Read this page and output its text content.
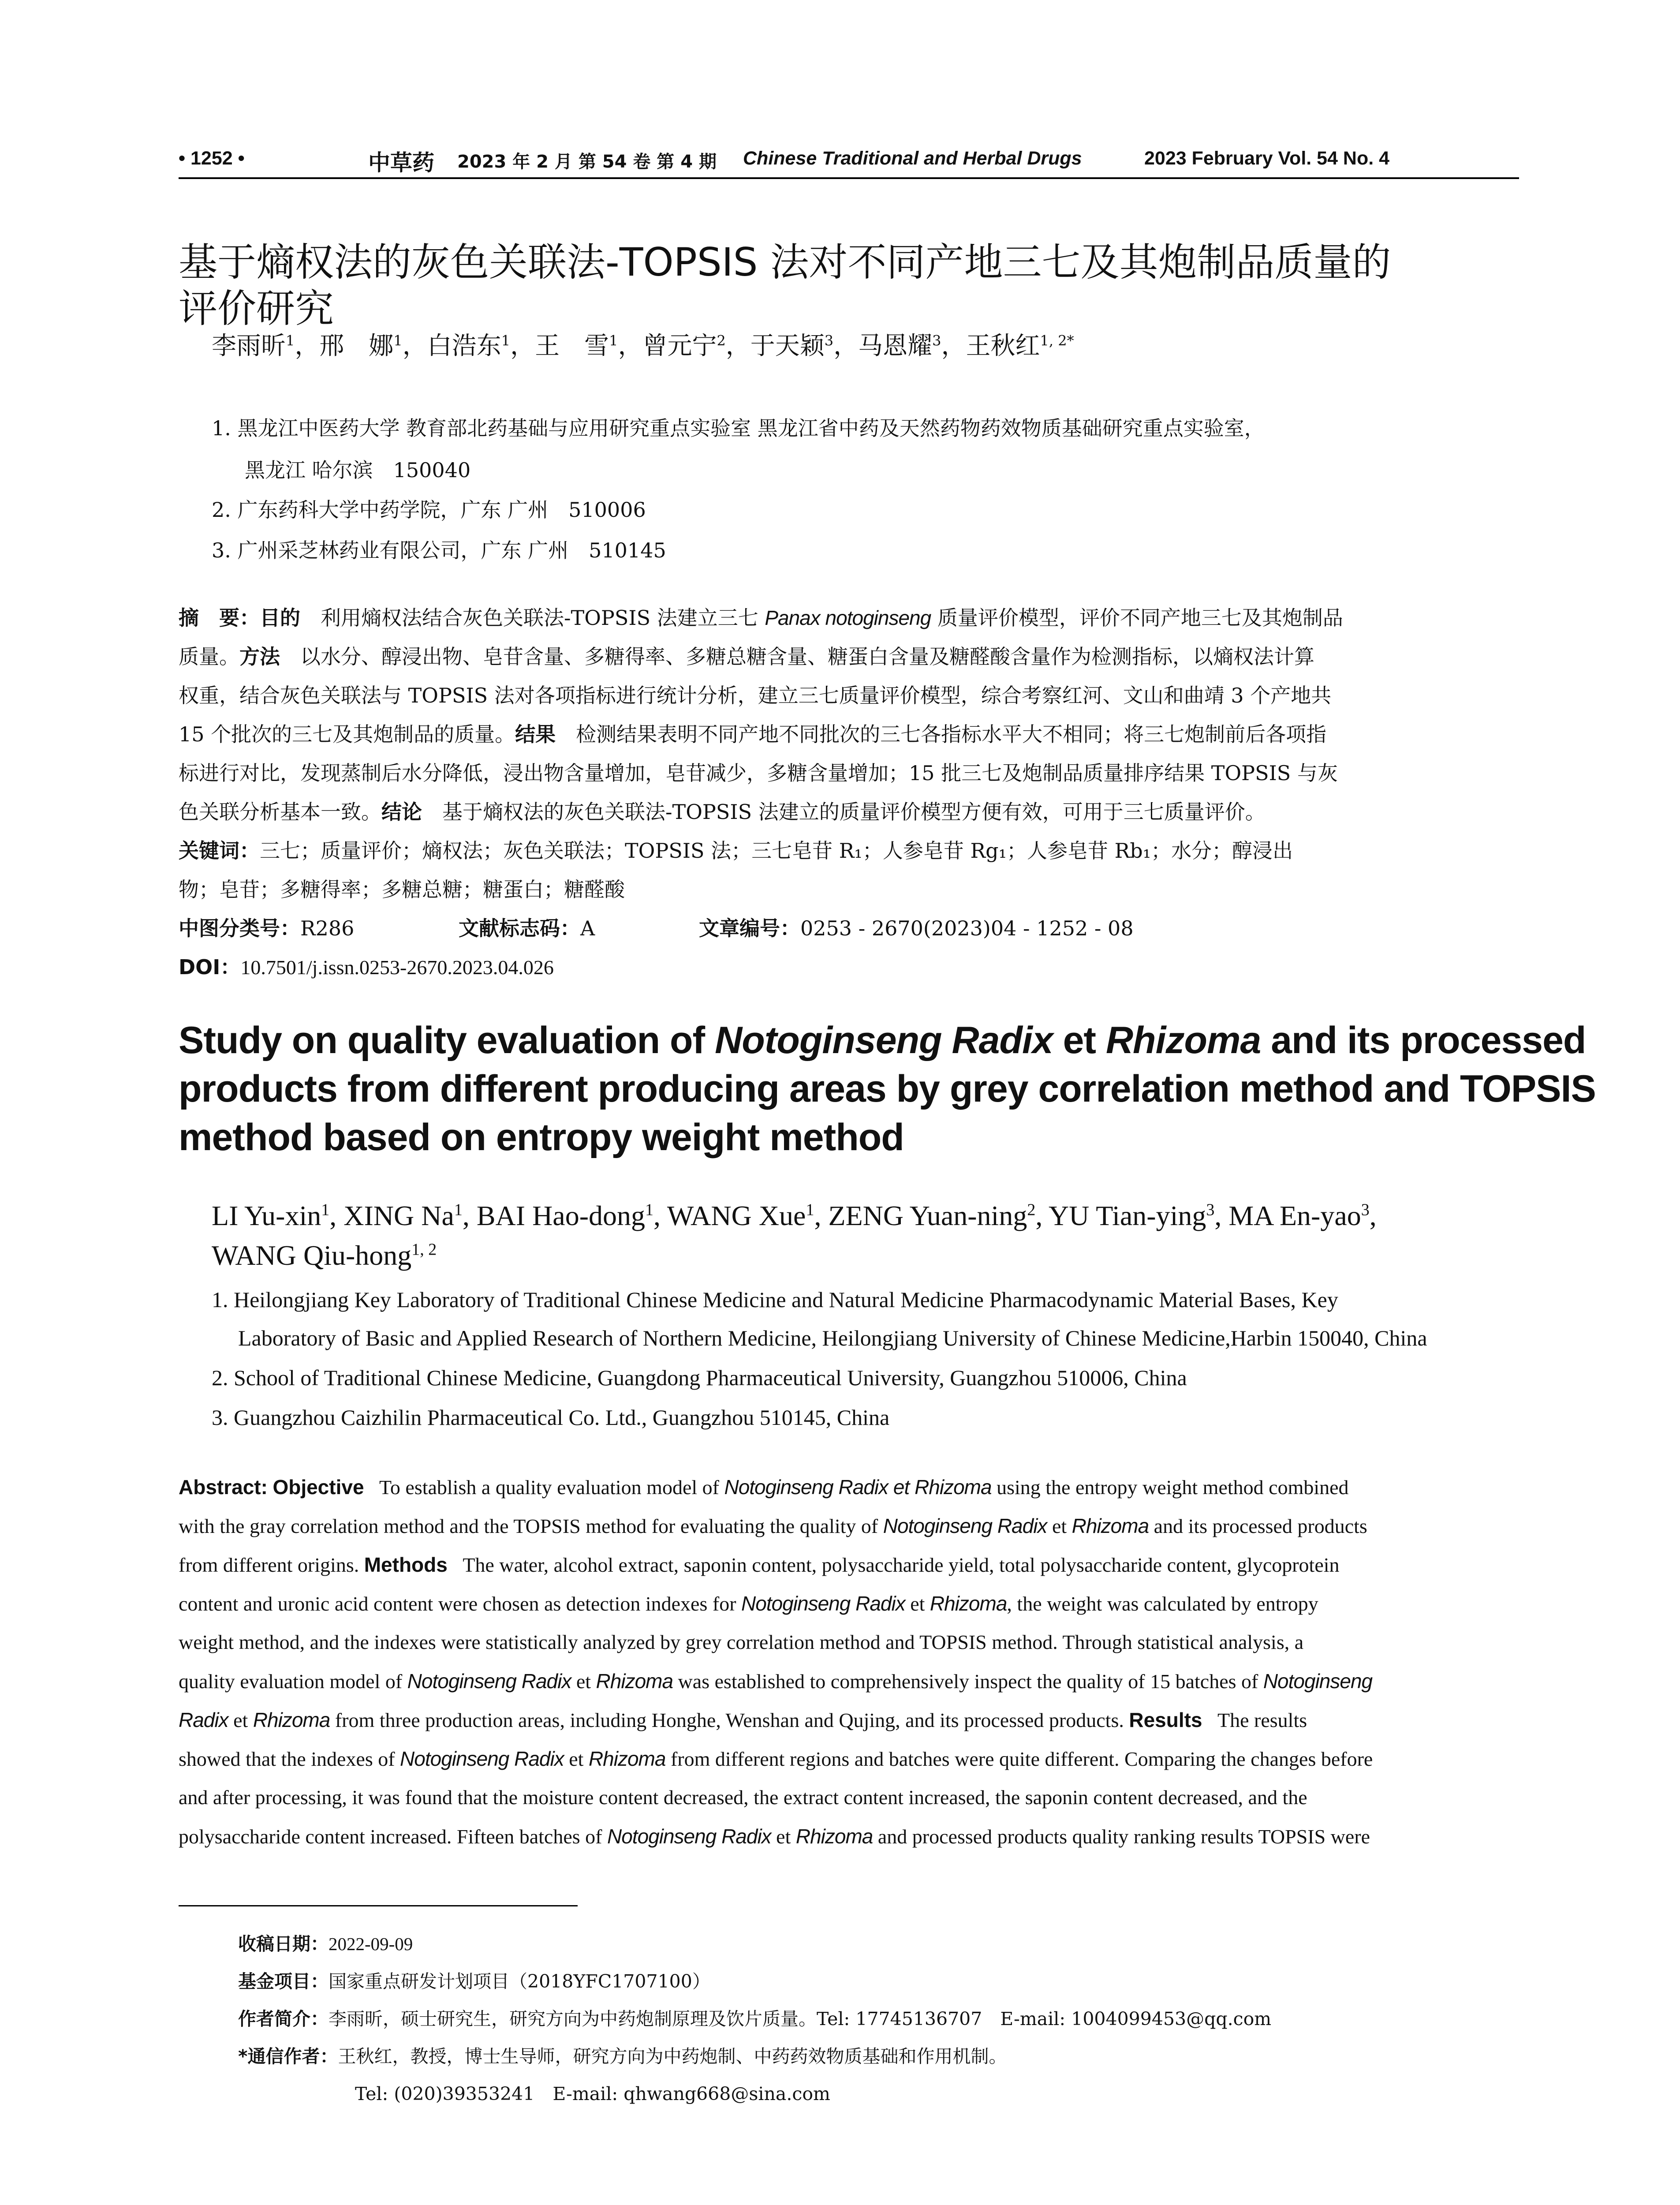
• 1252 •	中草药 2023 年 2 月 第 54 卷 第 4 期 Chinese Traditional and Herbal Drugs	2023 February Vol. 54 No. 4
基于熵权法的灰色关联法-TOPSIS 法对不同产地三七及其炮制品质量的
评价研究
李雨昕$^1$，邢　娜$^1$，白浩东$^1$，王　雪$^1$，曾元宁$^2$，于天颖$^3$，马恩耀$^3$，王秋红$^{1, 2*}$
1. 黑龙江中医药大学 教育部北药基础与应用研究重点实验室 黑龙江省中药及天然药物药效物质基础研究重点实验室，
黑龙江 哈尔滨　150040
2. 广东药科大学中药学院，广东 广州　510006
3. 广州采芝林药业有限公司，广东 广州　510145
摘　要：目的　利用熵权法结合灰色关联法-TOPSIS 法建立三七 Panax notoginseng 质量评价模型，评价不同产地三七及其炮制品
质量。方法　以水分、醇浸出物、皂苷含量、多糖得率、多糖总糖含量、糖蛋白含量及糖醛酸含量作为检测指标，以熵权法计算
权重，结合灰色关联法与 TOPSIS 法对各项指标进行统计分析，建立三七质量评价模型，综合考察红河、文山和曲靖 3 个产地共
15 个批次的三七及其炮制品的质量。结果　检测结果表明不同产地不同批次的三七各指标水平大不相同；将三七炮制前后各项指
标进行对比，发现蒸制后水分降低，浸出物含量增加，皂苷减少，多糖含量增加；15 批三七及炮制品质量排序结果 TOPSIS 与灰
色关联分析基本一致。结论　基于熵权法的灰色关联法-TOPSIS 法建立的质量评价模型方便有效，可用于三七质量评价。
关键词：三七；质量评价；熵权法；灰色关联法；TOPSIS 法；三七皂苷 R₁；人参皂苷 Rg₁；人参皂苷 Rb₁；水分；醇浸出
物；皂苷；多糖得率；多糖总糖；糖蛋白；糖醛酸
中图分类号：R286	文献标志码：A	文章编号：0253 - 2670(2023)04 - 1252 - 08
DOI：10.7501/j.issn.0253-2670.2023.04.026
Study on quality evaluation of Notoginseng Radix et Rhizoma and its processed
products from different producing areas by grey correlation method and TOPSIS
method based on entropy weight method
LI Yu-xin$^1$, XING Na$^1$, BAI Hao-dong$^1$, WANG Xue$^1$, ZENG Yuan-ning$^2$, YU Tian-ying$^3$, MA En-yao$^3$,
WANG Qiu-hong$^{1, 2}$
1. Heilongjiang Key Laboratory of Traditional Chinese Medicine and Natural Medicine Pharmacodynamic Material Bases, Key
Laboratory of Basic and Applied Research of Northern Medicine, Heilongjiang University of Chinese Medicine,Harbin 150040, China
2. School of Traditional Chinese Medicine, Guangdong Pharmaceutical University, Guangzhou 510006, China
3. Guangzhou Caizhilin Pharmaceutical Co. Ltd., Guangzhou 510145, China
Abstract: Objective To establish a quality evaluation model of Notoginseng Radix et Rhizoma using the entropy weight method combined
with the gray correlation method and the TOPSIS method for evaluating the quality of Notoginseng Radix et Rhizoma and its processed products
from different origins. Methods The water, alcohol extract, saponin content, polysaccharide yield, total polysaccharide content, glycoprotein
content and uronic acid content were chosen as detection indexes for Notoginseng Radix et Rhizoma, the weight was calculated by entropy
weight method, and the indexes were statistically analyzed by grey correlation method and TOPSIS method. Through statistical analysis, a
quality evaluation model of Notoginseng Radix et Rhizoma was established to comprehensively inspect the quality of 15 batches of Notoginseng
Radix et Rhizoma from three production areas, including Honghe, Wenshan and Qujing, and its processed products. Results The results
showed that the indexes of Notoginseng Radix et Rhizoma from different regions and batches were quite different. Comparing the changes before
and after processing, it was found that the moisture content decreased, the extract content increased, the saponin content decreased, and the
polysaccharide content increased. Fifteen batches of Notoginseng Radix et Rhizoma and processed products quality ranking results TOPSIS were
收稿日期：2022-09-09
基金项目：国家重点研发计划项目（2018YFC1707100）
作者简介：李雨昕，硕士研究生，研究方向为中药炮制原理及饮片质量。Tel: 17745136707　E-mail: 1004099453@qq.com
*通信作者：王秋红，教授，博士生导师，研究方向为中药炮制、中药药效物质基础和作用机制。
Tel: (020)39353241　E-mail: qhwang668@sina.com
